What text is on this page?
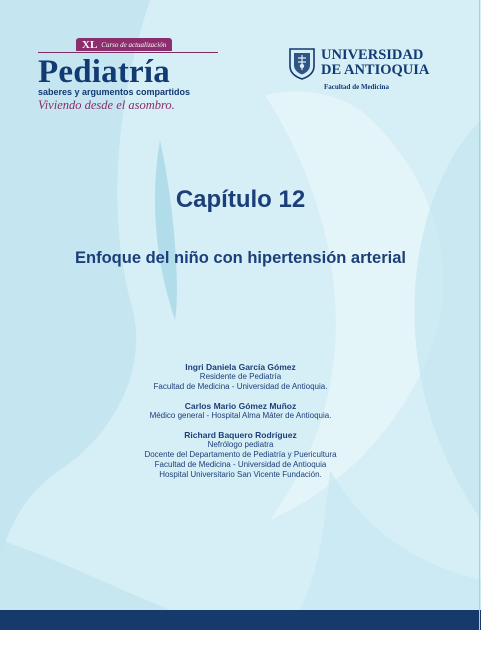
XL Curso de actualización
Pediatría
saberes y argumentos compartidos
Viviendo desde el asombro.
UNIVERSIDAD
DE ANTIOQUIA
Facultad de Medicina
Capítulo 12
Enfoque del niño con hipertensión arterial
Ingri Daniela García Gómez
Residente de Pediatría
Facultad de Medicina - Universidad de Antioquia.
Carlos Mario Gómez Muñoz
Médico general - Hospital Alma Máter de Antioquia.
Richard Baquero Rodríguez
Nefrólogo pediatra
Docente del Departamento de Pediatría y Puericultura
Facultad de Medicina - Universidad de Antioquia
Hospital Universitario San Vicente Fundación.
